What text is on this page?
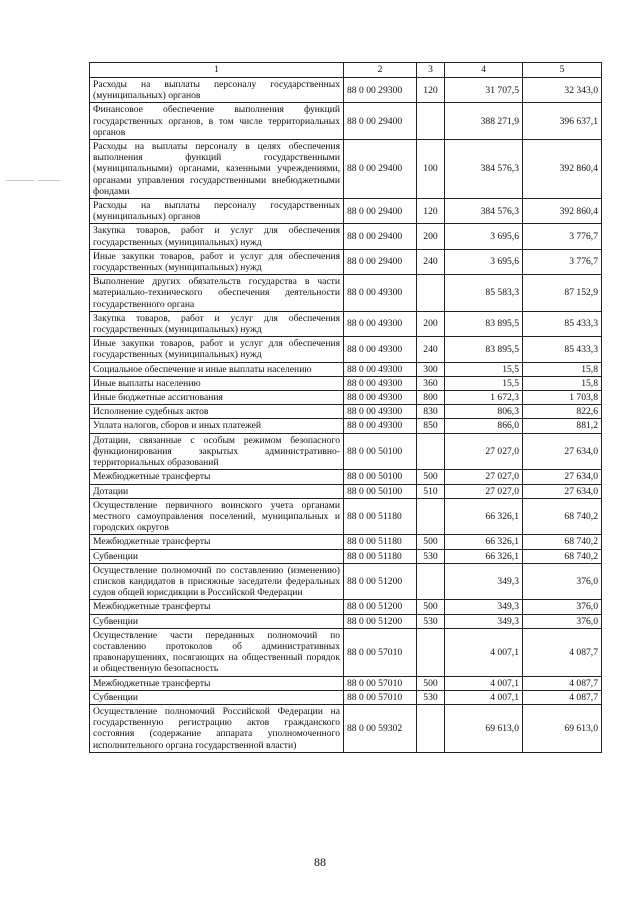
1	2	3	4	5
Расходы на выплаты персоналу государственных (муниципальных) органов	88 0 00 29300	120	31 707,5	32 343,0
Финансовое обеспечение выполнения функций государственных органов, в том числе территориальных органов	88 0 00 29400		388 271,9	396 637,1
Расходы на выплаты персоналу в целях обеспечения выполнения функций государственными (муниципальными) органами, казенными учреждениями, органами управления государственными внебюджетными фондами	88 0 00 29400	100	384 576,3	392 860,4
Расходы на выплаты персоналу государственных (муниципальных) органов	88 0 00 29400	120	384 576,3	392 860,4
Закупка товаров, работ и услуг для обеспечения государственных (муниципальных) нужд	88 0 00 29400	200	3 695,6	3 776,7
Иные закупки товаров, работ и услуг для обеспечения государственных (муниципальных) нужд	88 0 00 29400	240	3 695,6	3 776,7
Выполнение других обязательств государства в части материально-технического обеспечения деятельности государственного органа	88 0 00 49300		85 583,3	87 152,9
Закупка товаров, работ и услуг для обеспечения государственных (муниципальных) нужд	88 0 00 49300	200	83 895,5	85 433,3
Иные закупки товаров, работ и услуг для обеспечения государственных (муниципальных) нужд	88 0 00 49300	240	83 895,5	85 433,3
Социальное обеспечение и иные выплаты населению	88 0 00 49300	300	15,5	15,8
Иные выплаты населению	88 0 00 49300	360	15,5	15,8
Иные бюджетные ассигнования	88 0 00 49300	800	1 672,3	1 703,8
Исполнение судебных актов	88 0 00 49300	830	806,3	822,6
Уплата налогов, сборов и иных платежей	88 0 00 49300	850	866,0	881,2
Дотации, связанные с особым режимом безопасного функционирования закрытых административно-территориальных образований	88 0 00 50100		27 027,0	27 634,0
Межбюджетные трансферты	88 0 00 50100	500	27 027,0	27 634,0
Дотации	88 0 00 50100	510	27 027,0	27 634,0
Осуществление первичного воинского учета органами местного самоуправления поселений, муниципальных и городских округов	88 0 00 51180		66 326,1	68 740,2
Межбюджетные трансферты	88 0 00 51180	500	66 326,1	68 740,2
Субвенции	88 0 00 51180	530	66 326,1	68 740,2
Осуществление полномочий по составлению (изменению) списков кандидатов в присяжные заседатели федеральных судов общей юрисдикции в Российской Федерации	88 0 00 51200		349,3	376,0
Межбюджетные трансферты	88 0 00 51200	500	349,3	376,0
Субвенции	88 0 00 51200	530	349,3	376,0
Осуществление части переданных полномочий по составлению протоколов об административных правонарушениях, посягающих на общественный порядок и общественную безопасность	88 0 00 57010		4 007,1	4 087,7
Межбюджетные трансферты	88 0 00 57010	500	4 007,1	4 087,7
Субвенции	88 0 00 57010	530	4 007,1	4 087,7
Осуществление полномочий Российской Федерации на государственную регистрацию актов гражданского состояния (содержание аппарата уполномоченного исполнительного органа государственной власти)	88 0 00 59302		69 613,0	69 613,0
88
